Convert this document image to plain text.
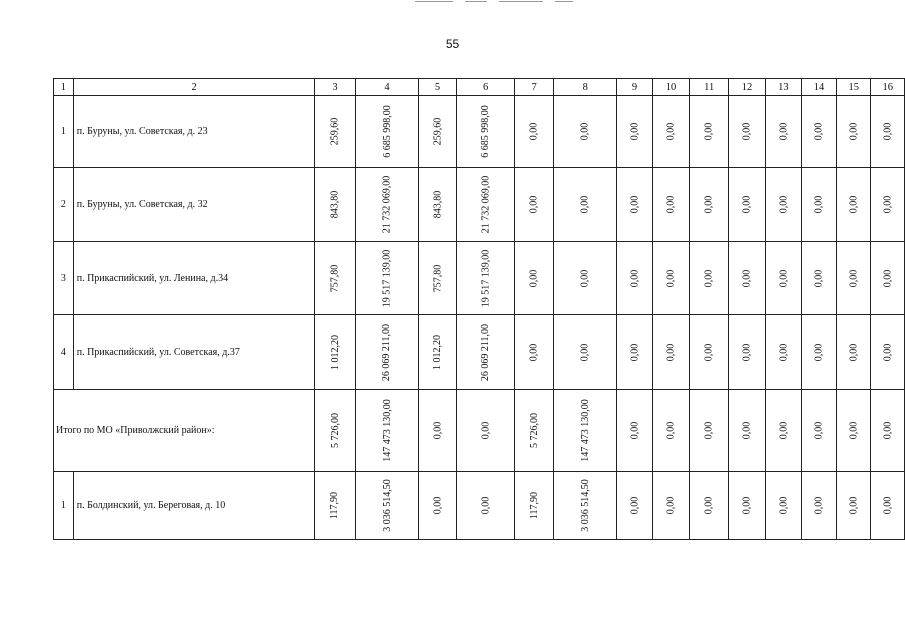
55
1	2	3	4	5	6	7	8	9	10	11	12	13	14	15	16
1	п. Буруны, ул. Советская, д. 23	259,60	6 685 998,00	259,60	6 685 998,00	0,00	0,00	0,00	0,00	0,00	0,00	0,00	0,00	0,00	0,00
2	п. Буруны, ул. Советская, д. 32	843,80	21 732 069,00	843,80	21 732 069,00	0,00	0,00	0,00	0,00	0,00	0,00	0,00	0,00	0,00	0,00
3	п. Прикаспийский, ул. Ленина, д.34	757,80	19 517 139,00	757,80	19 517 139,00	0,00	0,00	0,00	0,00	0,00	0,00	0,00	0,00	0,00	0,00
4	п. Прикаспийский, ул. Советская, д.37	1 012,20	26 069 211,00	1 012,20	26 069 211,00	0,00	0,00	0,00	0,00	0,00	0,00	0,00	0,00	0,00	0,00
Итого по МО «Приволжский район»:		5 726,00	147 473 130,00	0,00	0,00	5 726,00	147 473 130,00	0,00	0,00	0,00	0,00	0,00	0,00	0,00	0,00
1	п. Болдинский, ул. Береговая, д. 10	117,90	3 036 514,50	0,00	0,00	117,90	3 036 514,50	0,00	0,00	0,00	0,00	0,00	0,00	0,00	0,00
